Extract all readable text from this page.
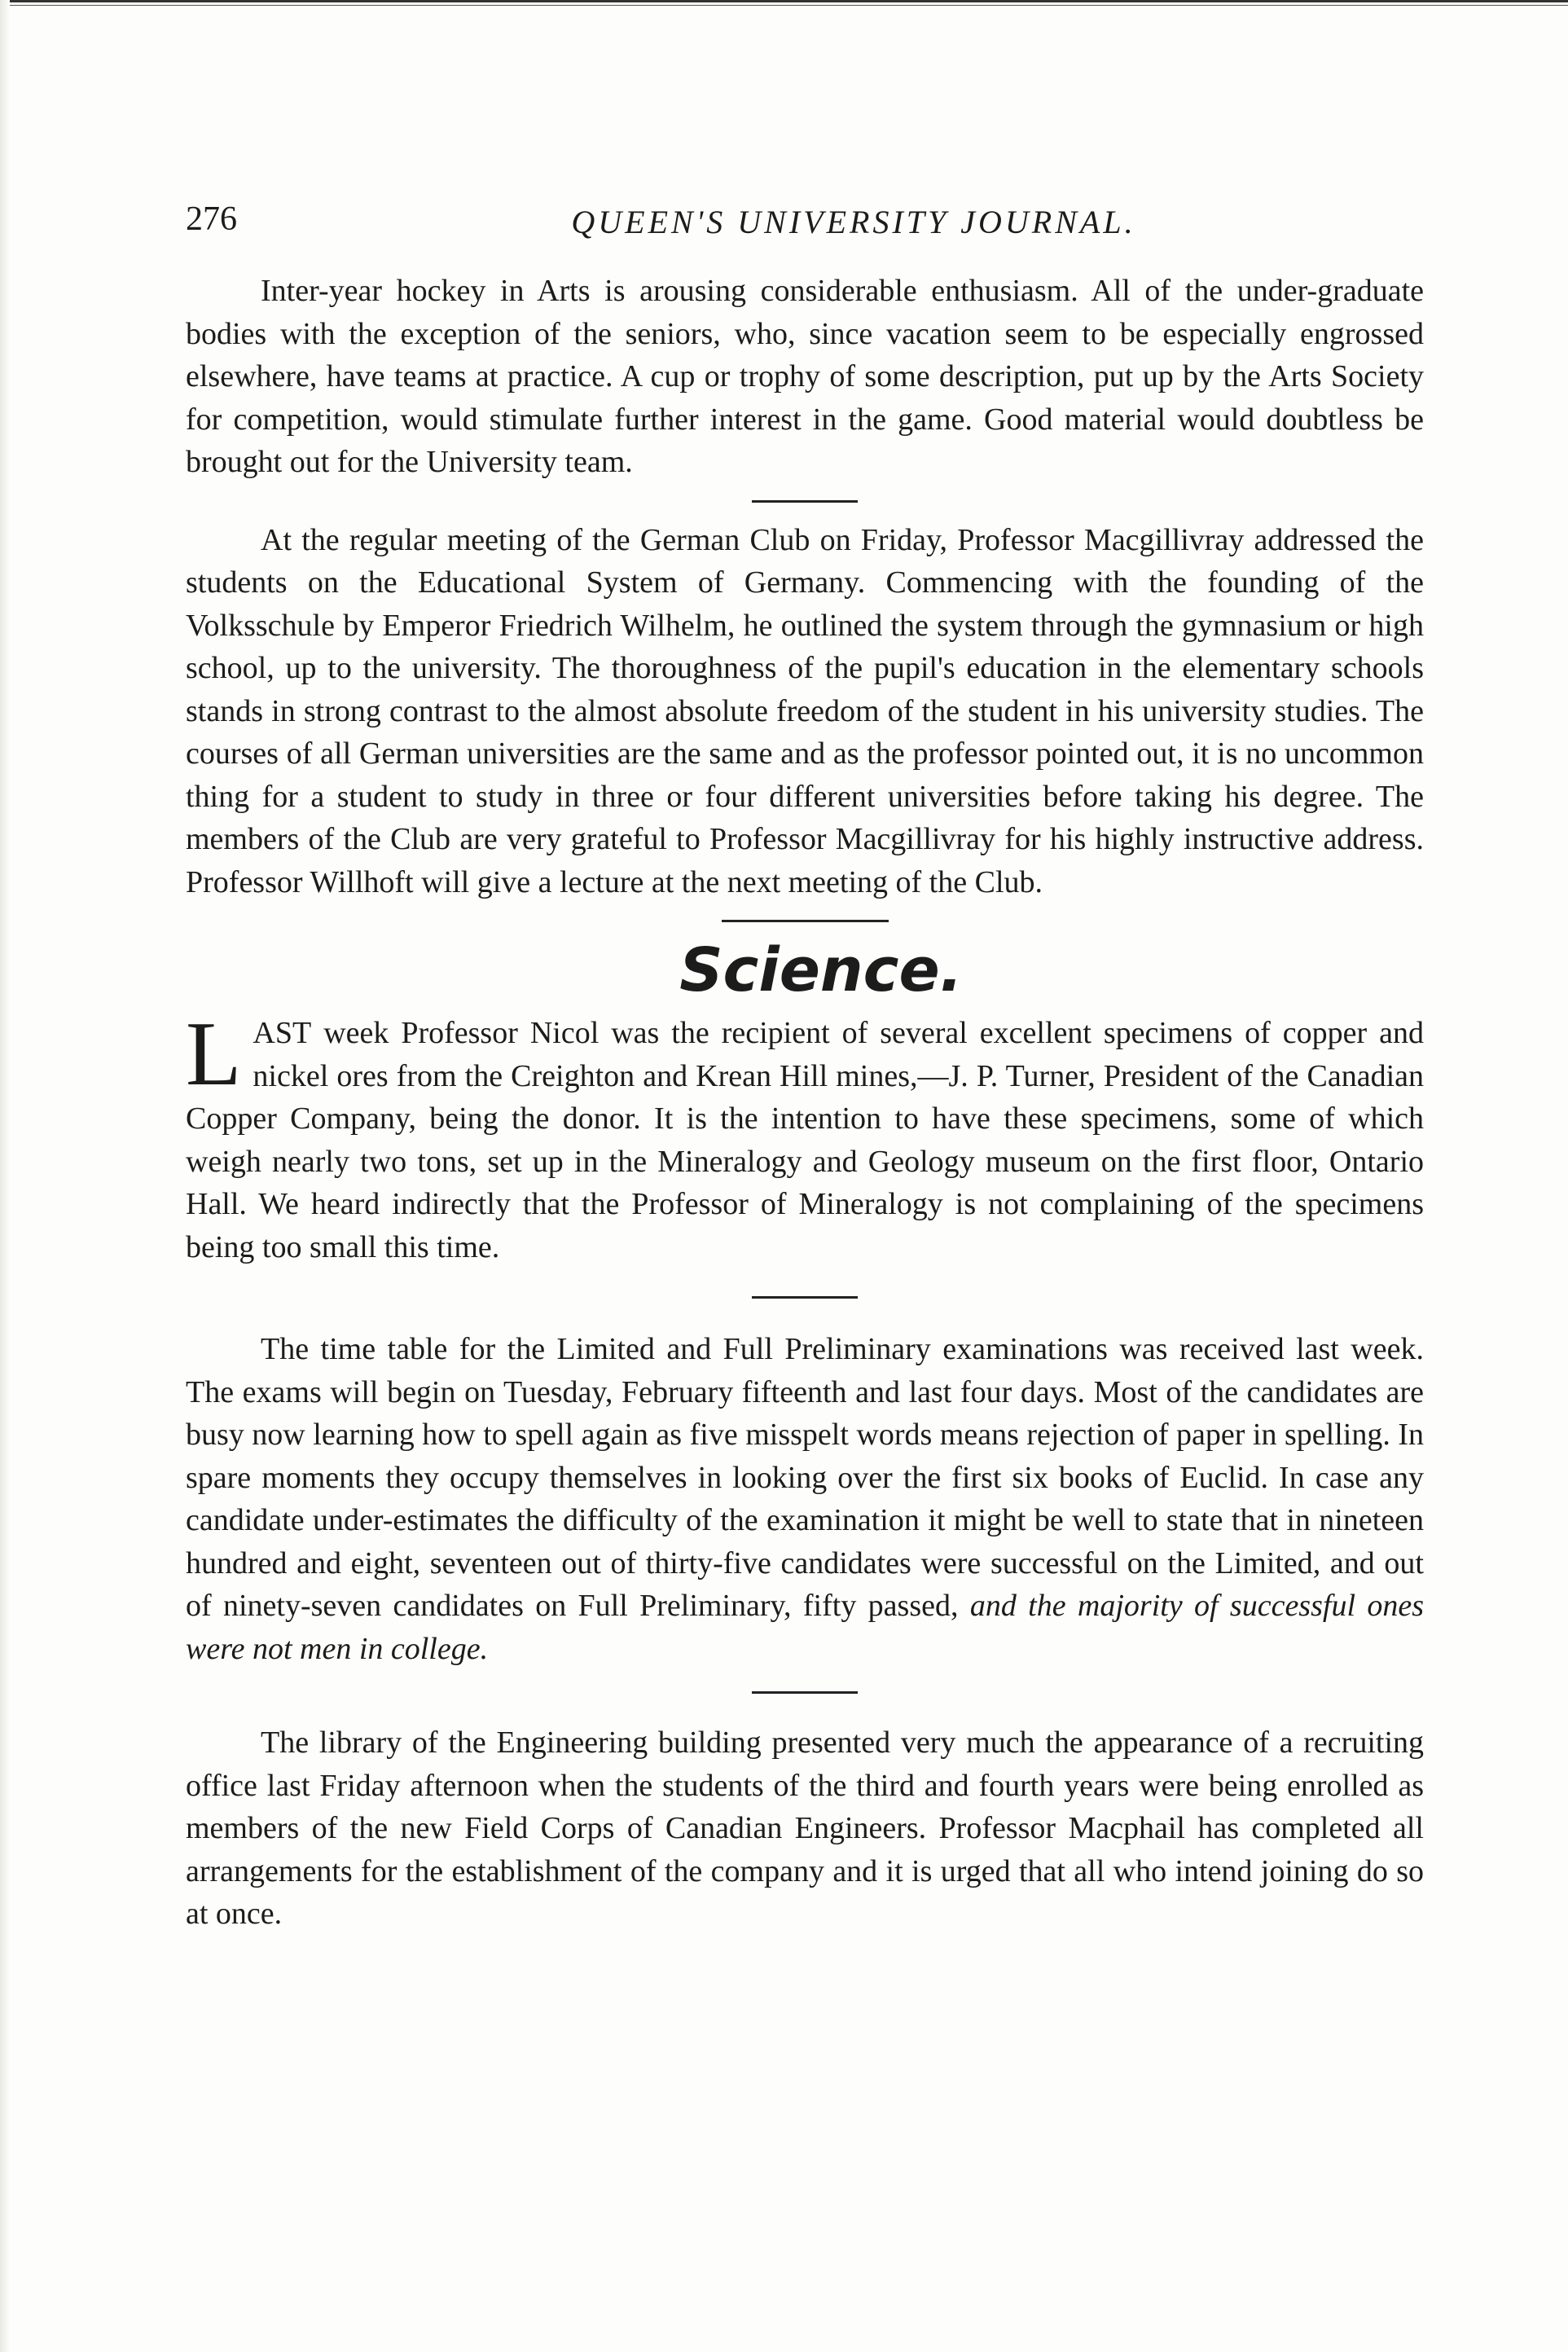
276	QUEEN'S UNIVERSITY JOURNAL.

Inter-year hockey in Arts is arousing considerable enthusiasm. All of the under-graduate bodies with the exception of the seniors, who, since vacation seem to be especially engrossed elsewhere, have teams at practice. A cup or trophy of some description, put up by the Arts Society for competition, would stimulate further interest in the game. Good material would doubtless be brought out for the University team.

At the regular meeting of the German Club on Friday, Professor Macgillivray addressed the students on the Educational System of Germany. Commencing with the founding of the Volksschule by Emperor Friedrich Wilhelm, he outlined the system through the gymnasium or high school, up to the university. The thoroughness of the pupil's education in the elementary schools stands in strong contrast to the almost absolute freedom of the student in his university studies. The courses of all German universities are the same and as the professor pointed out, it is no uncommon thing for a student to study in three or four different universities before taking his degree. The members of the Club are very grateful to Professor Macgillivray for his highly instructive address. Professor Willhoft will give a lecture at the next meeting of the Club.

Science.

LAST week Professor Nicol was the recipient of several excellent specimens of copper and nickel ores from the Creighton and Krean Hill mines,—J. P. Turner, President of the Canadian Copper Company, being the donor. It is the intention to have these specimens, some of which weigh nearly two tons, set up in the Mineralogy and Geology museum on the first floor, Ontario Hall. We heard indirectly that the Professor of Mineralogy is not complaining of the specimens being too small this time.

The time table for the Limited and Full Preliminary examinations was received last week. The exams will begin on Tuesday, February fifteenth and last four days. Most of the candidates are busy now learning how to spell again as five misspelt words means rejection of paper in spelling. In spare moments they occupy themselves in looking over the first six books of Euclid. In case any candidate under-estimates the difficulty of the examination it might be well to state that in nineteen hundred and eight, seventeen out of thirty-five candidates were successful on the Limited, and out of ninety-seven candidates on Full Preliminary, fifty passed, and the majority of successful ones were not men in college.

The library of the Engineering building presented very much the appearance of a recruiting office last Friday afternoon when the students of the third and fourth years were being enrolled as members of the new Field Corps of Canadian Engineers. Professor Macphail has completed all arrangements for the establishment of the company and it is urged that all who intend joining do so at once.
